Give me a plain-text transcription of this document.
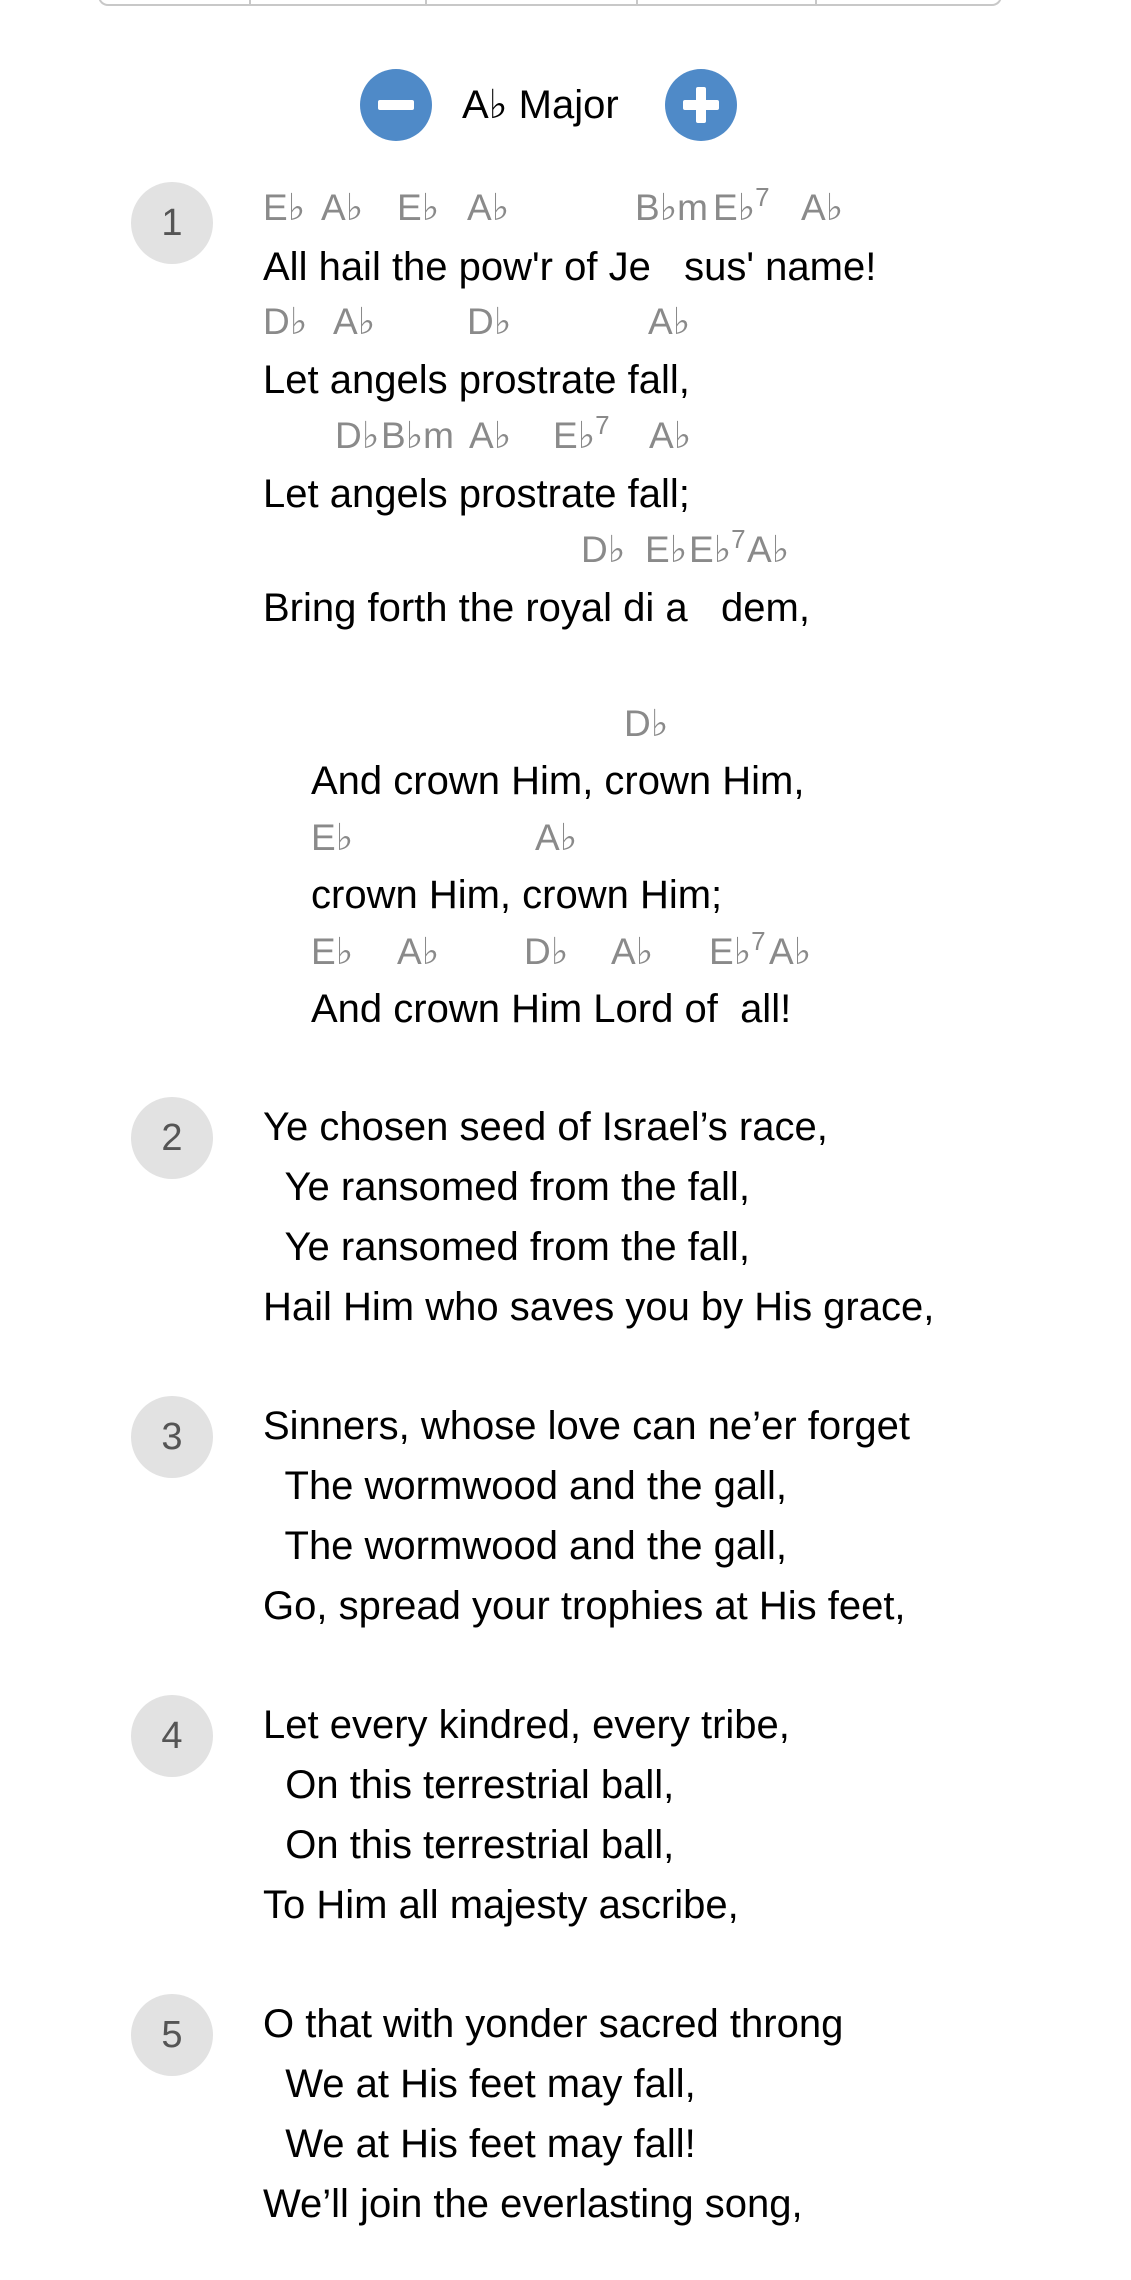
A♭ Major
1

	E♭

A♭

E♭

A♭

	B♭m

E♭$^7$

A♭

All hail the pow'r of Je   sus' name!

D♭

A♭

D♭

	A♭

Let angels prostrate fall,

D♭

B♭m

A♭

E♭$^7$

A♭

Let angels prostrate fall;

D♭

E♭

E♭$^7$

A♭

Bring forth the royal di a   dem,

D♭

And crown Him, crown Him,

E♭

	A♭

crown Him, crown Him;

E♭

A♭

D♭

A♭

E♭$^7$

A♭

And crown Him Lord of  all!
2	Ye chosen seed of Israel’s race,
Ye ransomed from the fall,
Ye ransomed from the fall,
Hail Him who saves you by His grace,
3	Sinners, whose love can ne’er forget
The wormwood and the gall,
The wormwood and the gall,
Go, spread your trophies at His feet,
4	Let every kindred, every tribe,
On this terrestrial ball,
On this terrestrial ball,
To Him all majesty ascribe,
5	O that with yonder sacred throng
We at His feet may fall,
We at His feet may fall!
We’ll join the everlasting song,
